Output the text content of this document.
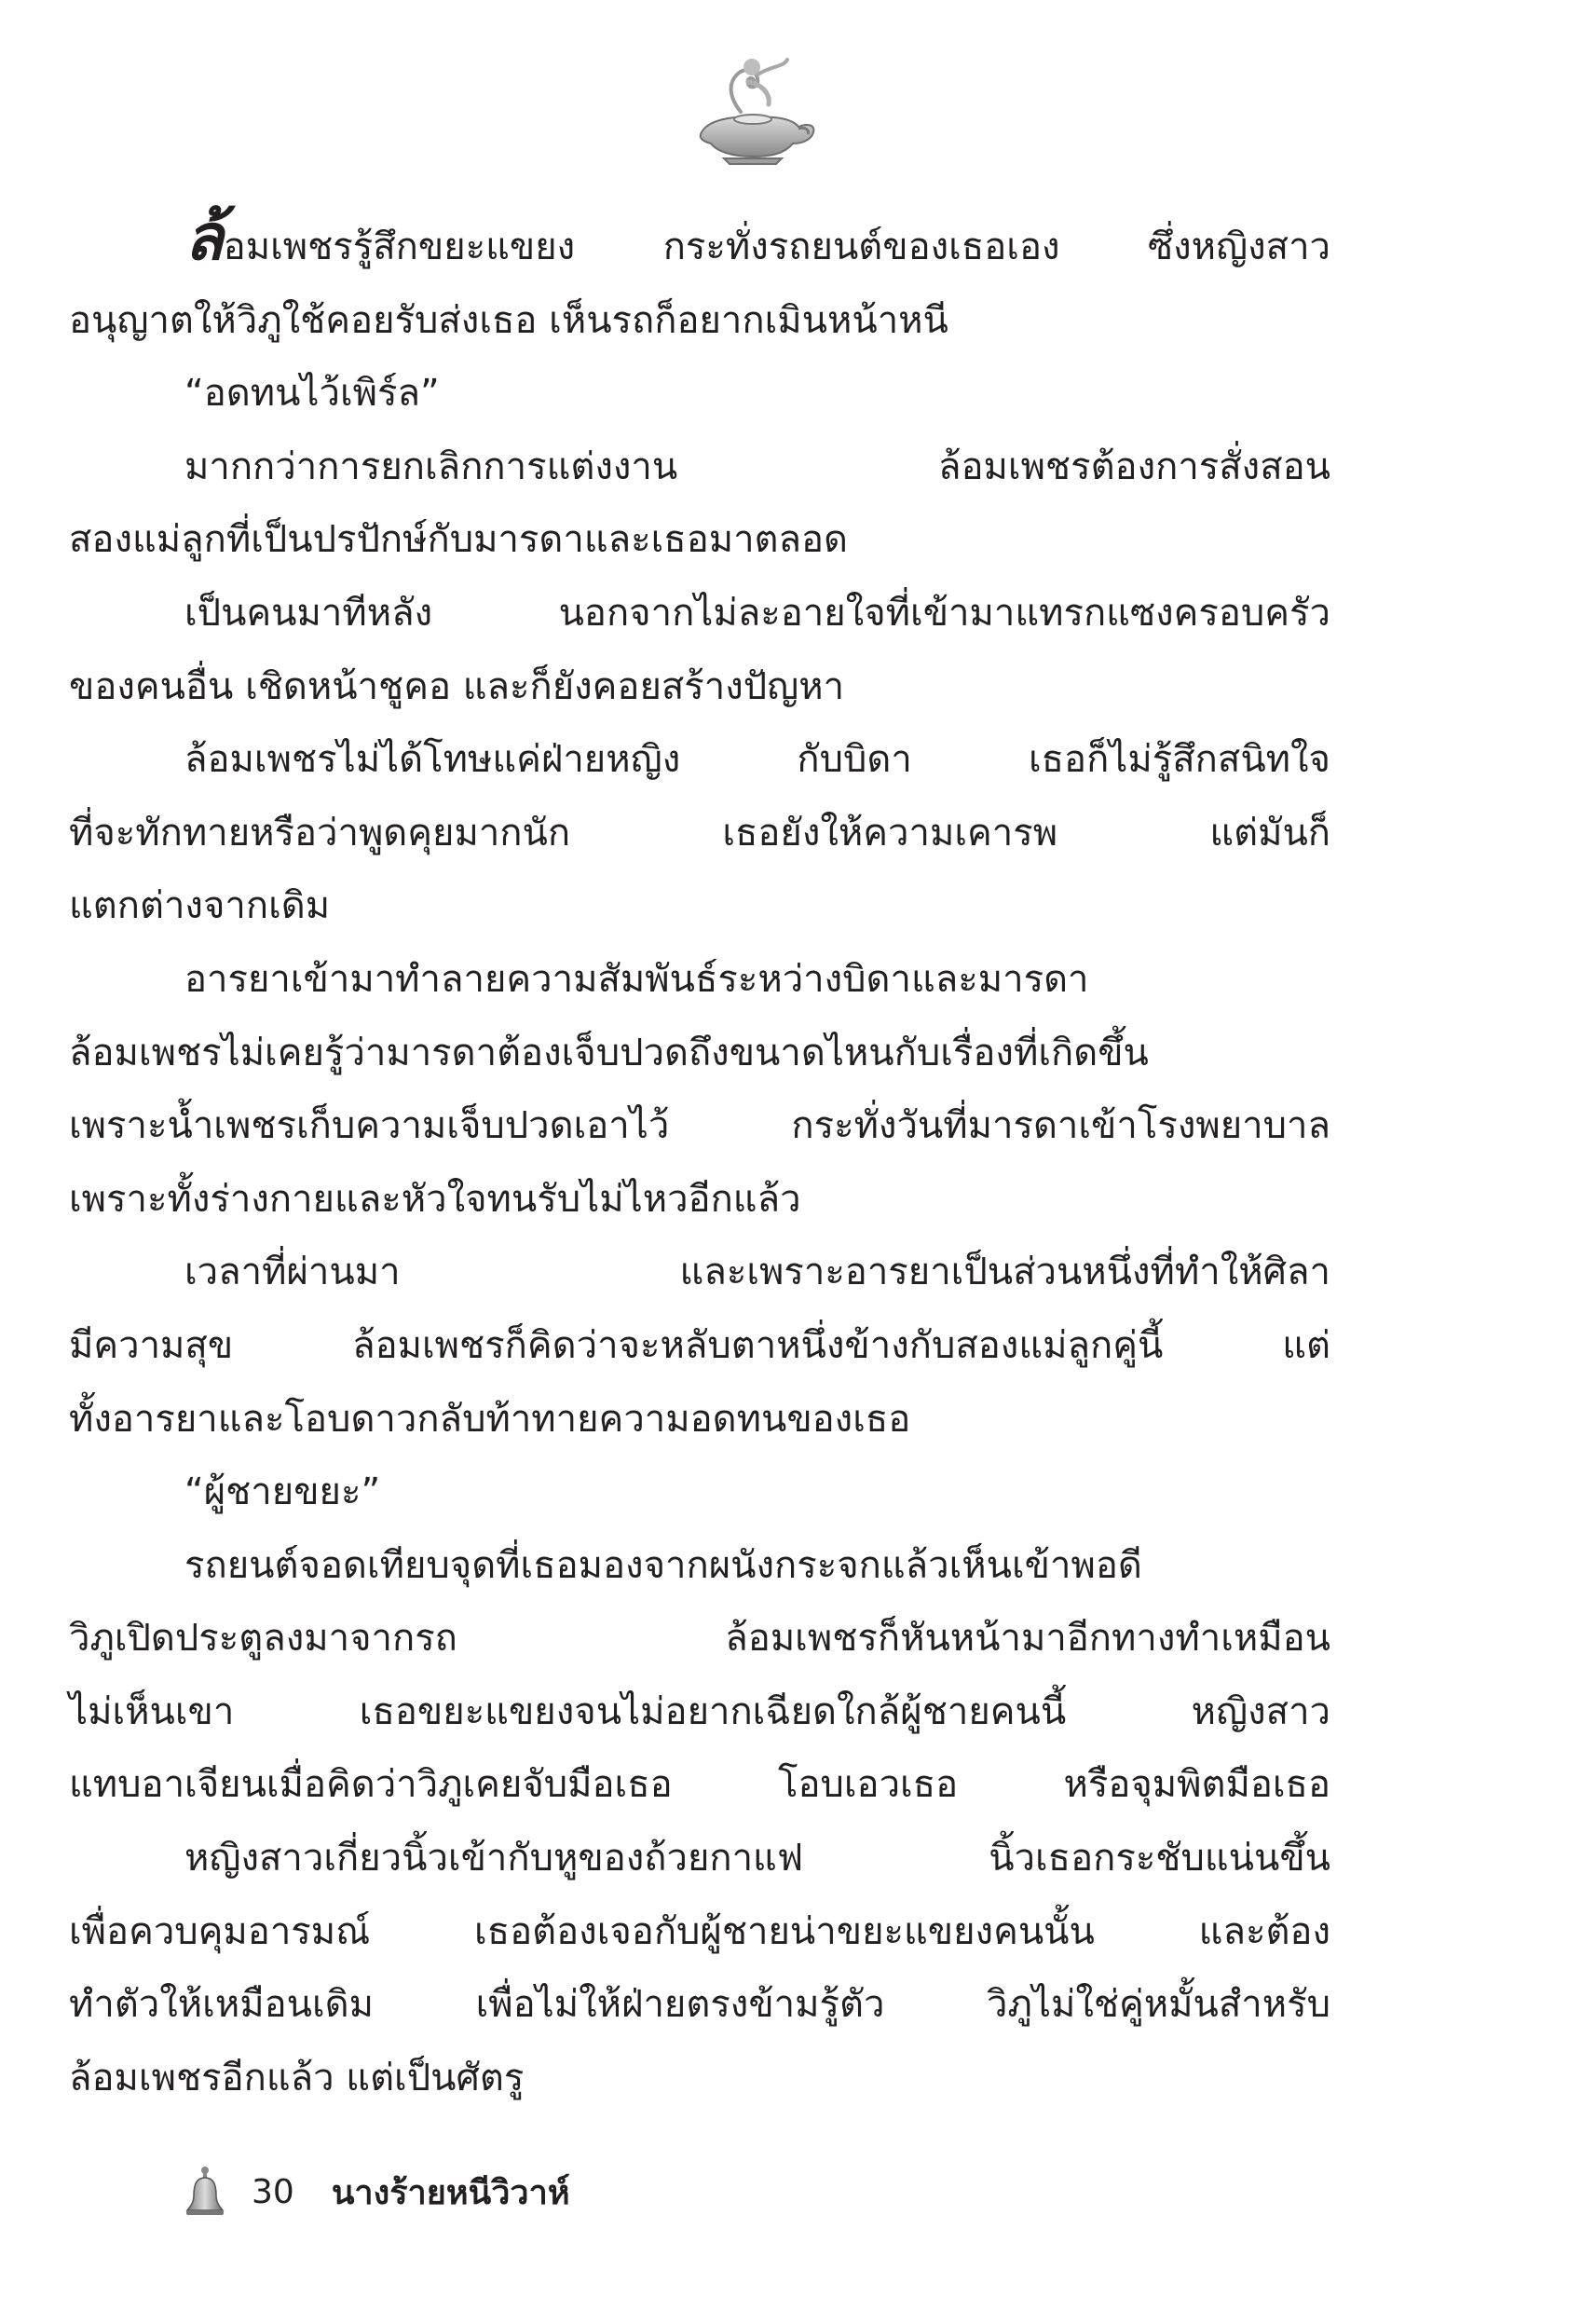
ล้อมเพชรรู้สึกขยะแขยง กระทั่งรถยนต์ของเธอเอง ซึ่งหญิงสาว
อนุญาตให้วิภูใช้คอยรับส่งเธอ เห็นรถก็อยากเมินหน้าหนี
“อดทนไว้เพิร์ล”
มากกว่าการยกเลิกการแต่งงาน ล้อมเพชรต้องการสั่งสอน
สองแม่ลูกที่เป็นปรปักษ์กับมารดาและเธอมาตลอด
เป็นคนมาทีหลัง นอกจากไม่ละอายใจที่เข้ามาแทรกแซงครอบครัว
ของคนอื่น เชิดหน้าชูคอ และก็ยังคอยสร้างปัญหา
ล้อมเพชรไม่ได้โทษแค่ฝ่ายหญิง กับบิดา เธอก็ไม่รู้สึกสนิทใจ
ที่จะทักทายหรือว่าพูดคุยมากนัก เธอยังให้ความเคารพ แต่มันก็
แตกต่างจากเดิม
อารยาเข้ามาทำลายความสัมพันธ์ระหว่างบิดาและมารดา
ล้อมเพชรไม่เคยรู้ว่ามารดาต้องเจ็บปวดถึงขนาดไหนกับเรื่องที่เกิดขึ้น
เพราะน้ำเพชรเก็บความเจ็บปวดเอาไว้ กระทั่งวันที่มารดาเข้าโรงพยาบาล
เพราะทั้งร่างกายและหัวใจทนรับไม่ไหวอีกแล้ว
เวลาที่ผ่านมา และเพราะอารยาเป็นส่วนหนึ่งที่ทำให้ศิลา
มีความสุข ล้อมเพชรก็คิดว่าจะหลับตาหนึ่งข้างกับสองแม่ลูกคู่นี้ แต่
ทั้งอารยาและโอบดาวกลับท้าทายความอดทนของเธอ
“ผู้ชายขยะ”
รถยนต์จอดเทียบจุดที่เธอมองจากผนังกระจกแล้วเห็นเข้าพอดี
วิภูเปิดประตูลงมาจากรถ ล้อมเพชรก็หันหน้ามาอีกทางทำเหมือน
ไม่เห็นเขา เธอขยะแขยงจนไม่อยากเฉียดใกล้ผู้ชายคนนี้ หญิงสาว
แทบอาเจียนเมื่อคิดว่าวิภูเคยจับมือเธอ โอบเอวเธอ หรือจุมพิตมือเธอ
หญิงสาวเกี่ยวนิ้วเข้ากับหูของถ้วยกาแฟ นิ้วเธอกระชับแน่นขึ้น
เพื่อควบคุมอารมณ์ เธอต้องเจอกับผู้ชายน่าขยะแขยงคนนั้น และต้อง
ทำตัวให้เหมือนเดิม เพื่อไม่ให้ฝ่ายตรงข้ามรู้ตัว วิภูไม่ใช่คู่หมั้นสำหรับ
ล้อมเพชรอีกแล้ว แต่เป็นศัตรู
30 นางร้ายหนีวิวาห์
